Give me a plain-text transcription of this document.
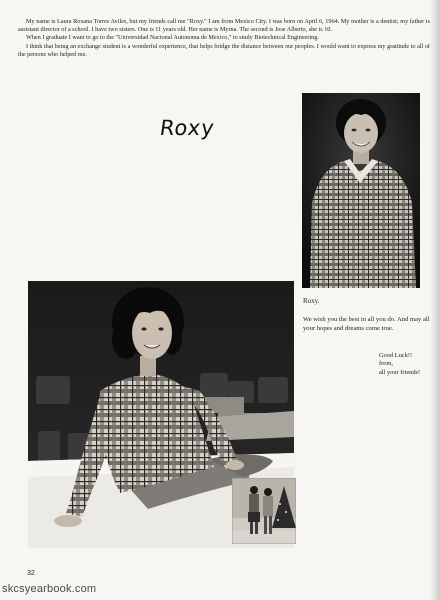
My name is Laura Roxana Torres Aviles, but my friends call me "Roxy." I am from Mexico City. I was born on April 6, 1964. My mother is a dentist; my father is assistant director of a school. I have two sisters. One is 11 years old. Her name is Myrna. The second is Jose Alberto, she is 10.

When I graduate I want to go to the "Universidad Nacional Autonoma de Mexico," to study Biotechnical Engineering.

I think that being an exchange student is a wonderful experience, that helps bridge the distance between our peoples. I would want to express my gratitude to all of the persons who helped me.

Roxy
Roxy.
We wish you the best in all you do. And may all your hopes and dreams come true.
Good Luck!!
from,
all your friends!
32
skcsyearbook.com
